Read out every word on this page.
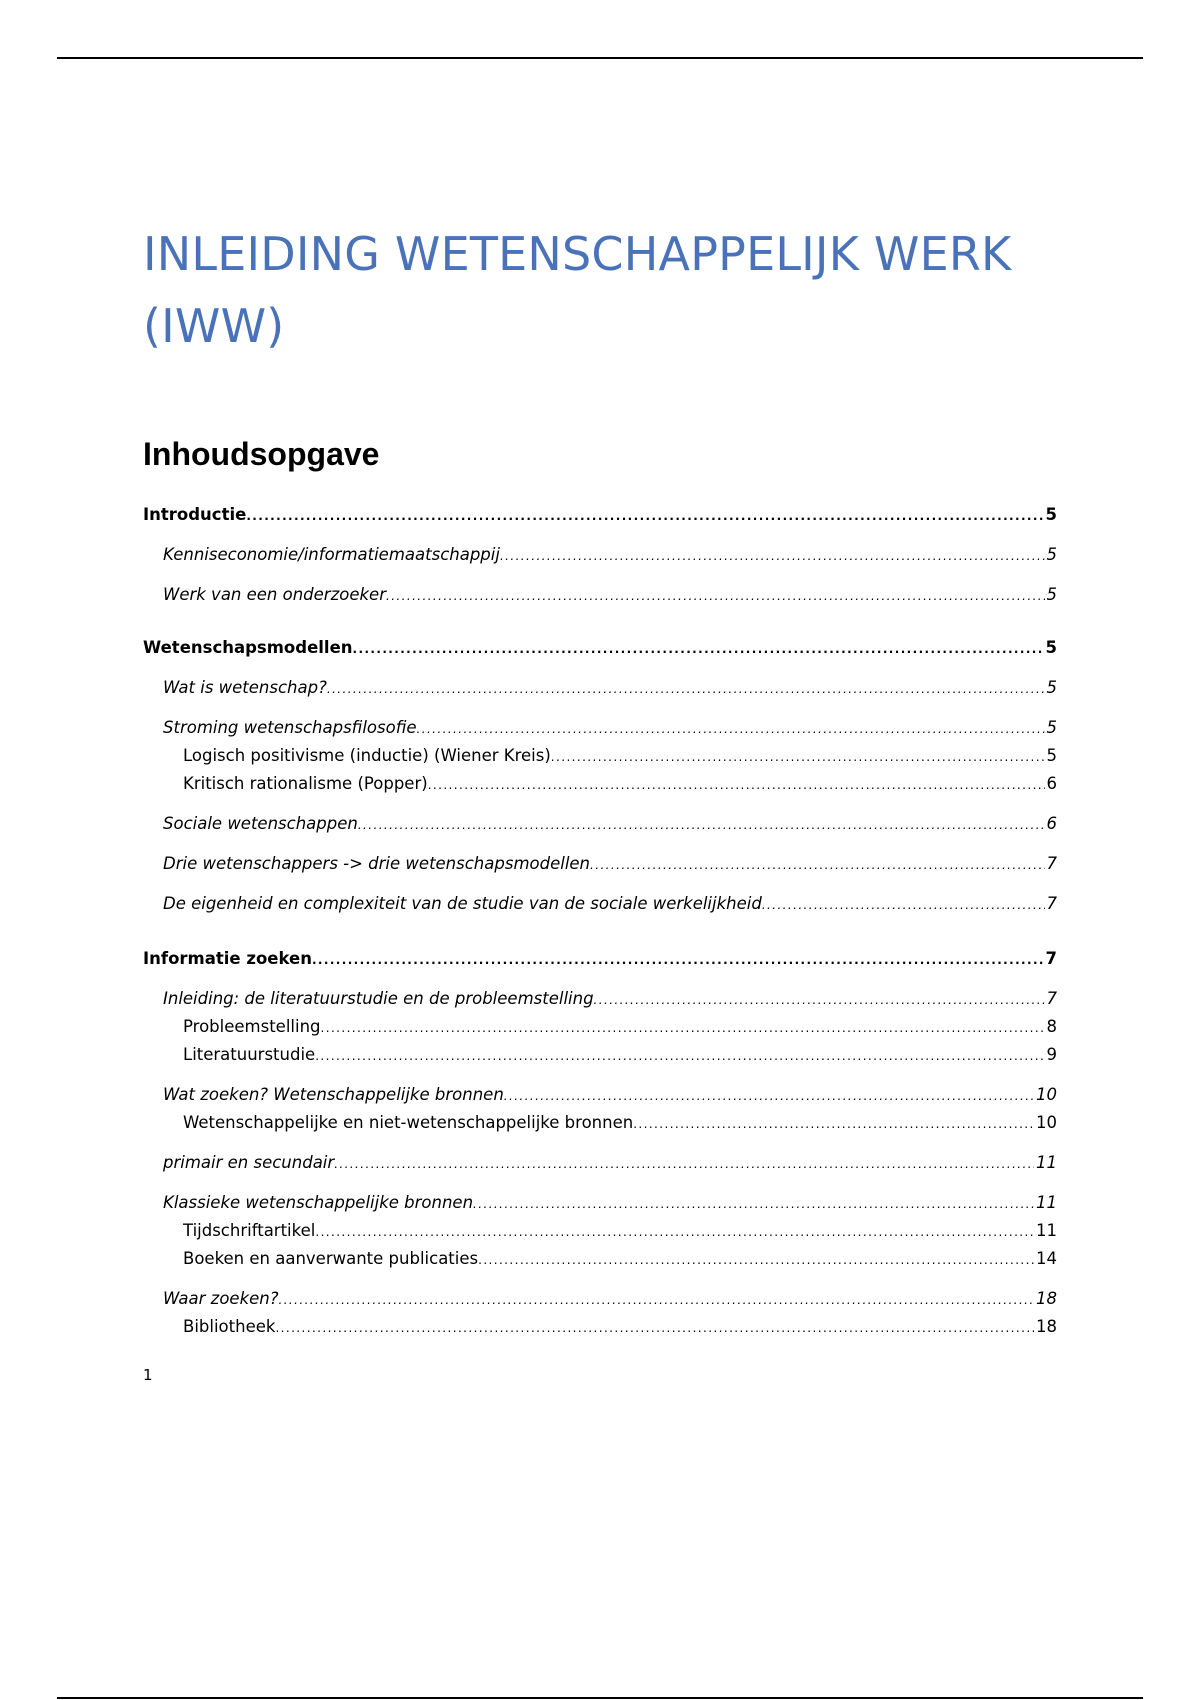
INLEIDING WETENSCHAPPELIJK WERK
(IWW)
Inhoudsopgave
Introductie .....	5
Kenniseconomie/informatiemaatschappij .....	5
Werk van een onderzoeker .....	5
Wetenschapsmodellen .....	5
Wat is wetenschap? .....	5
Stroming wetenschapsfilosofie .....	5
Logisch positivisme (inductie) (Wiener Kreis) .....	5
Kritisch rationalisme (Popper) .....	6
Sociale wetenschappen .....	6
Drie wetenschappers -> drie wetenschapsmodellen .....	7
De eigenheid en complexiteit van de studie van de sociale werkelijkheid .....	7
Informatie zoeken .....	7
Inleiding: de literatuurstudie en de probleemstelling .....	7
Probleemstelling .....	8
Literatuurstudie .....	9
Wat zoeken? Wetenschappelijke bronnen .....	10
Wetenschappelijke en niet-wetenschappelijke bronnen .....	10
primair en secundair .....	11
Klassieke wetenschappelijke bronnen .....	11
Tijdschriftartikel .....	11
Boeken en aanverwante publicaties .....	14
Waar zoeken? .....	18
Bibliotheek .....	18

1
